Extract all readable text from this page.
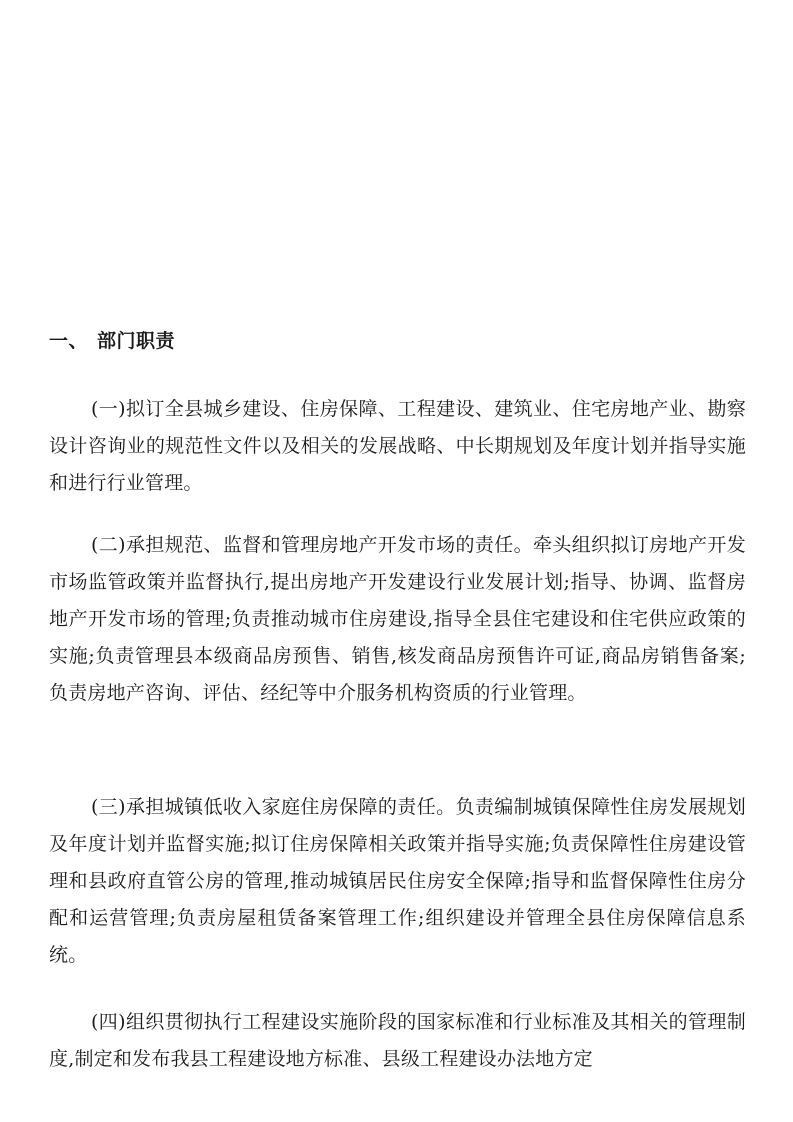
一、 部门职责

(一)拟订全县城乡建设、住房保障、工程建设、建筑业、住宅房地产业、勘察设计咨询业的规范性文件以及相关的发展战略、中长期规划及年度计划并指导实施和进行行业管理。

(二)承担规范、监督和管理房地产开发市场的责任。牵头组织拟订房地产开发市场监管政策并监督执行,提出房地产开发建设行业发展计划;指导、协调、监督房地产开发市场的管理;负责推动城市住房建设,指导全县住宅建设和住宅供应政策的实施;负责管理县本级商品房预售、销售,核发商品房预售许可证,商品房销售备案;负责房地产咨询、评估、经纪等中介服务机构资质的行业管理。

(三)承担城镇低收入家庭住房保障的责任。负责编制城镇保障性住房发展规划及年度计划并监督实施;拟订住房保障相关政策并指导实施;负责保障性住房建设管理和县政府直管公房的管理,推动城镇居民住房安全保障;指导和监督保障性住房分配和运营管理;负责房屋租赁备案管理工作;组织建设并管理全县住房保障信息系统。

(四)组织贯彻执行工程建设实施阶段的国家标准和行业标准及其相关的管理制度,制定和发布我县工程建设地方标准、县级工程建设办法地方定
